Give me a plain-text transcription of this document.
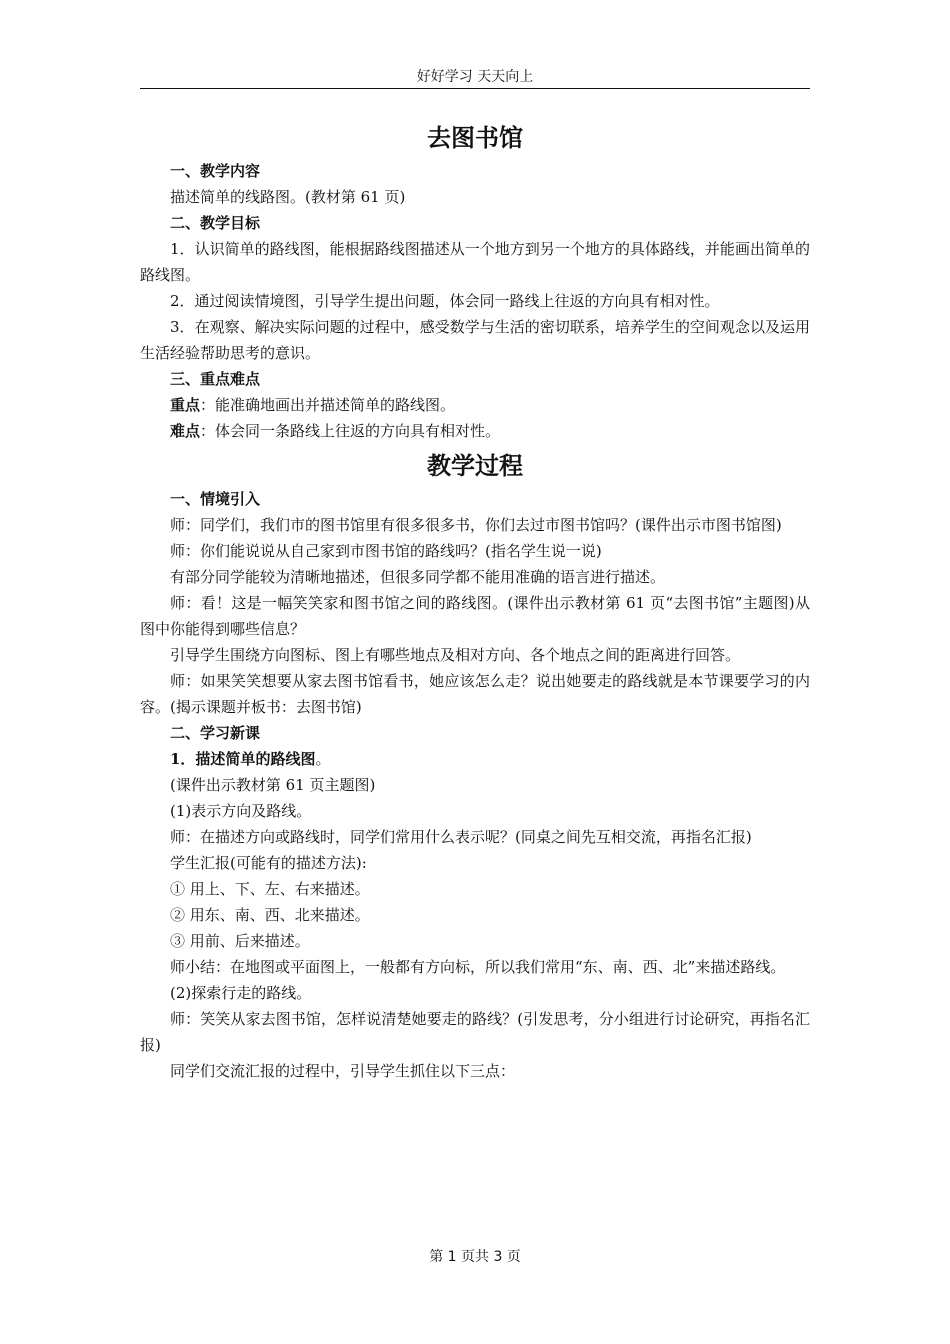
好好学习 天天向上
去图书馆

一、教学内容

描述简单的线路图。(教材第 61 页)

二、教学目标

1．认识简单的路线图，能根据路线图描述从一个地方到另一个地方的具体路线，并能画出简单的路线图。

2．通过阅读情境图，引导学生提出问题，体会同一路线上往返的方向具有相对性。

3．在观察、解决实际问题的过程中，感受数学与生活的密切联系，培养学生的空间观念以及运用生活经验帮助思考的意识。

三、重点难点

重点：能准确地画出并描述简单的路线图。

难点：体会同一条路线上往返的方向具有相对性。

教学过程

一、情境引入

师：同学们，我们市的图书馆里有很多很多书，你们去过市图书馆吗？(课件出示市图书馆图)

师：你们能说说从自己家到市图书馆的路线吗？(指名学生说一说)

有部分同学能较为清晰地描述，但很多同学都不能用准确的语言进行描述。

师：看！这是一幅笑笑家和图书馆之间的路线图。(课件出示教材第 61 页“去图书馆”主题图)从图中你能得到哪些信息？

引导学生围绕方向图标、图上有哪些地点及相对方向、各个地点之间的距离进行回答。

师：如果笑笑想要从家去图书馆看书，她应该怎么走？说出她要走的路线就是本节课要学习的内容。(揭示课题并板书：去图书馆)

二、学习新课

1．描述简单的路线图。

(课件出示教材第 61 页主题图)

(1)表示方向及路线。

师：在描述方向或路线时，同学们常用什么表示呢？(同桌之间先互相交流，再指名汇报)

学生汇报(可能有的描述方法):

① 用上、下、左、右来描述。

② 用东、南、西、北来描述。

③ 用前、后来描述。

师小结：在地图或平面图上，一般都有方向标，所以我们常用“东、南、西、北”来描述路线。

(2)探索行走的路线。

师：笑笑从家去图书馆，怎样说清楚她要走的路线？(引发思考，分小组进行讨论研究，再指名汇报)

同学们交流汇报的过程中，引导学生抓住以下三点：

第 1 页共 3 页
